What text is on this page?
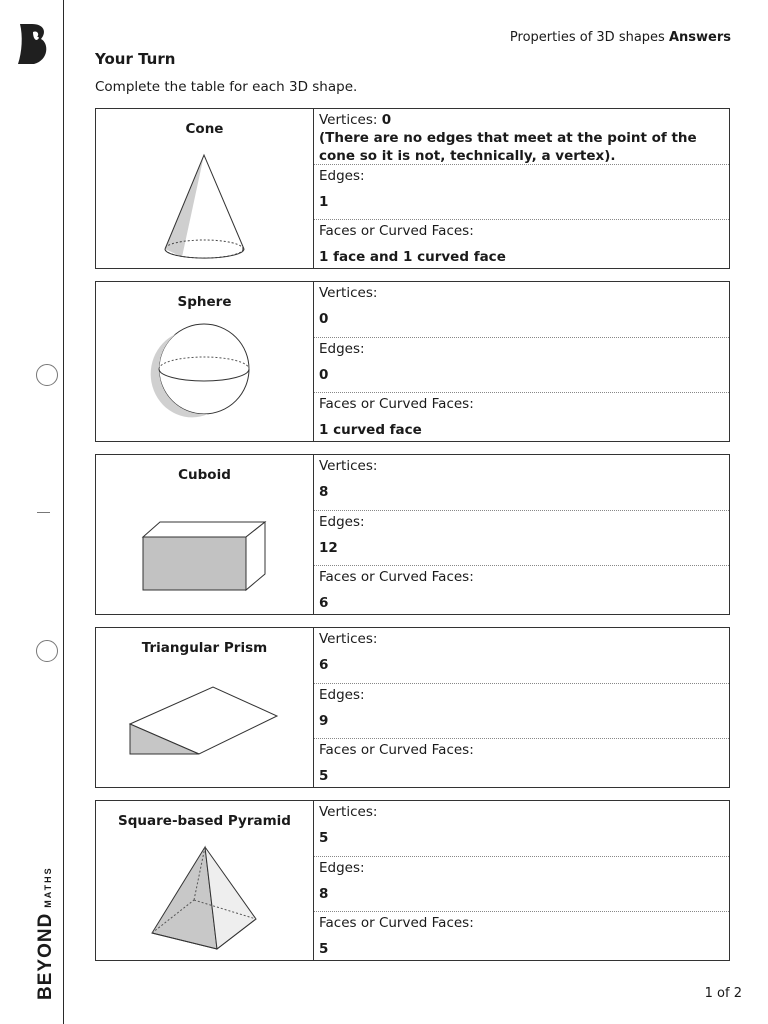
BEYONDMATHS
Properties of 3D shapes Answers
Your Turn
Complete the table for each 3D shape.
Cone
Vertices: 0
(There are no edges that meet at the point of the cone so it is not, technically, a vertex).
Edges:
1
Faces or Curved Faces:
1 face and 1 curved face
Sphere
Vertices:
0
Edges:
0
Faces or Curved Faces:
1 curved face
Cuboid
Vertices:
8
Edges:
12
Faces or Curved Faces:
6
Triangular Prism
Vertices:
6
Edges:
9
Faces or Curved Faces:
5
Square-based Pyramid
Vertices:
5
Edges:
8
Faces or Curved Faces:
5
1 of 2
